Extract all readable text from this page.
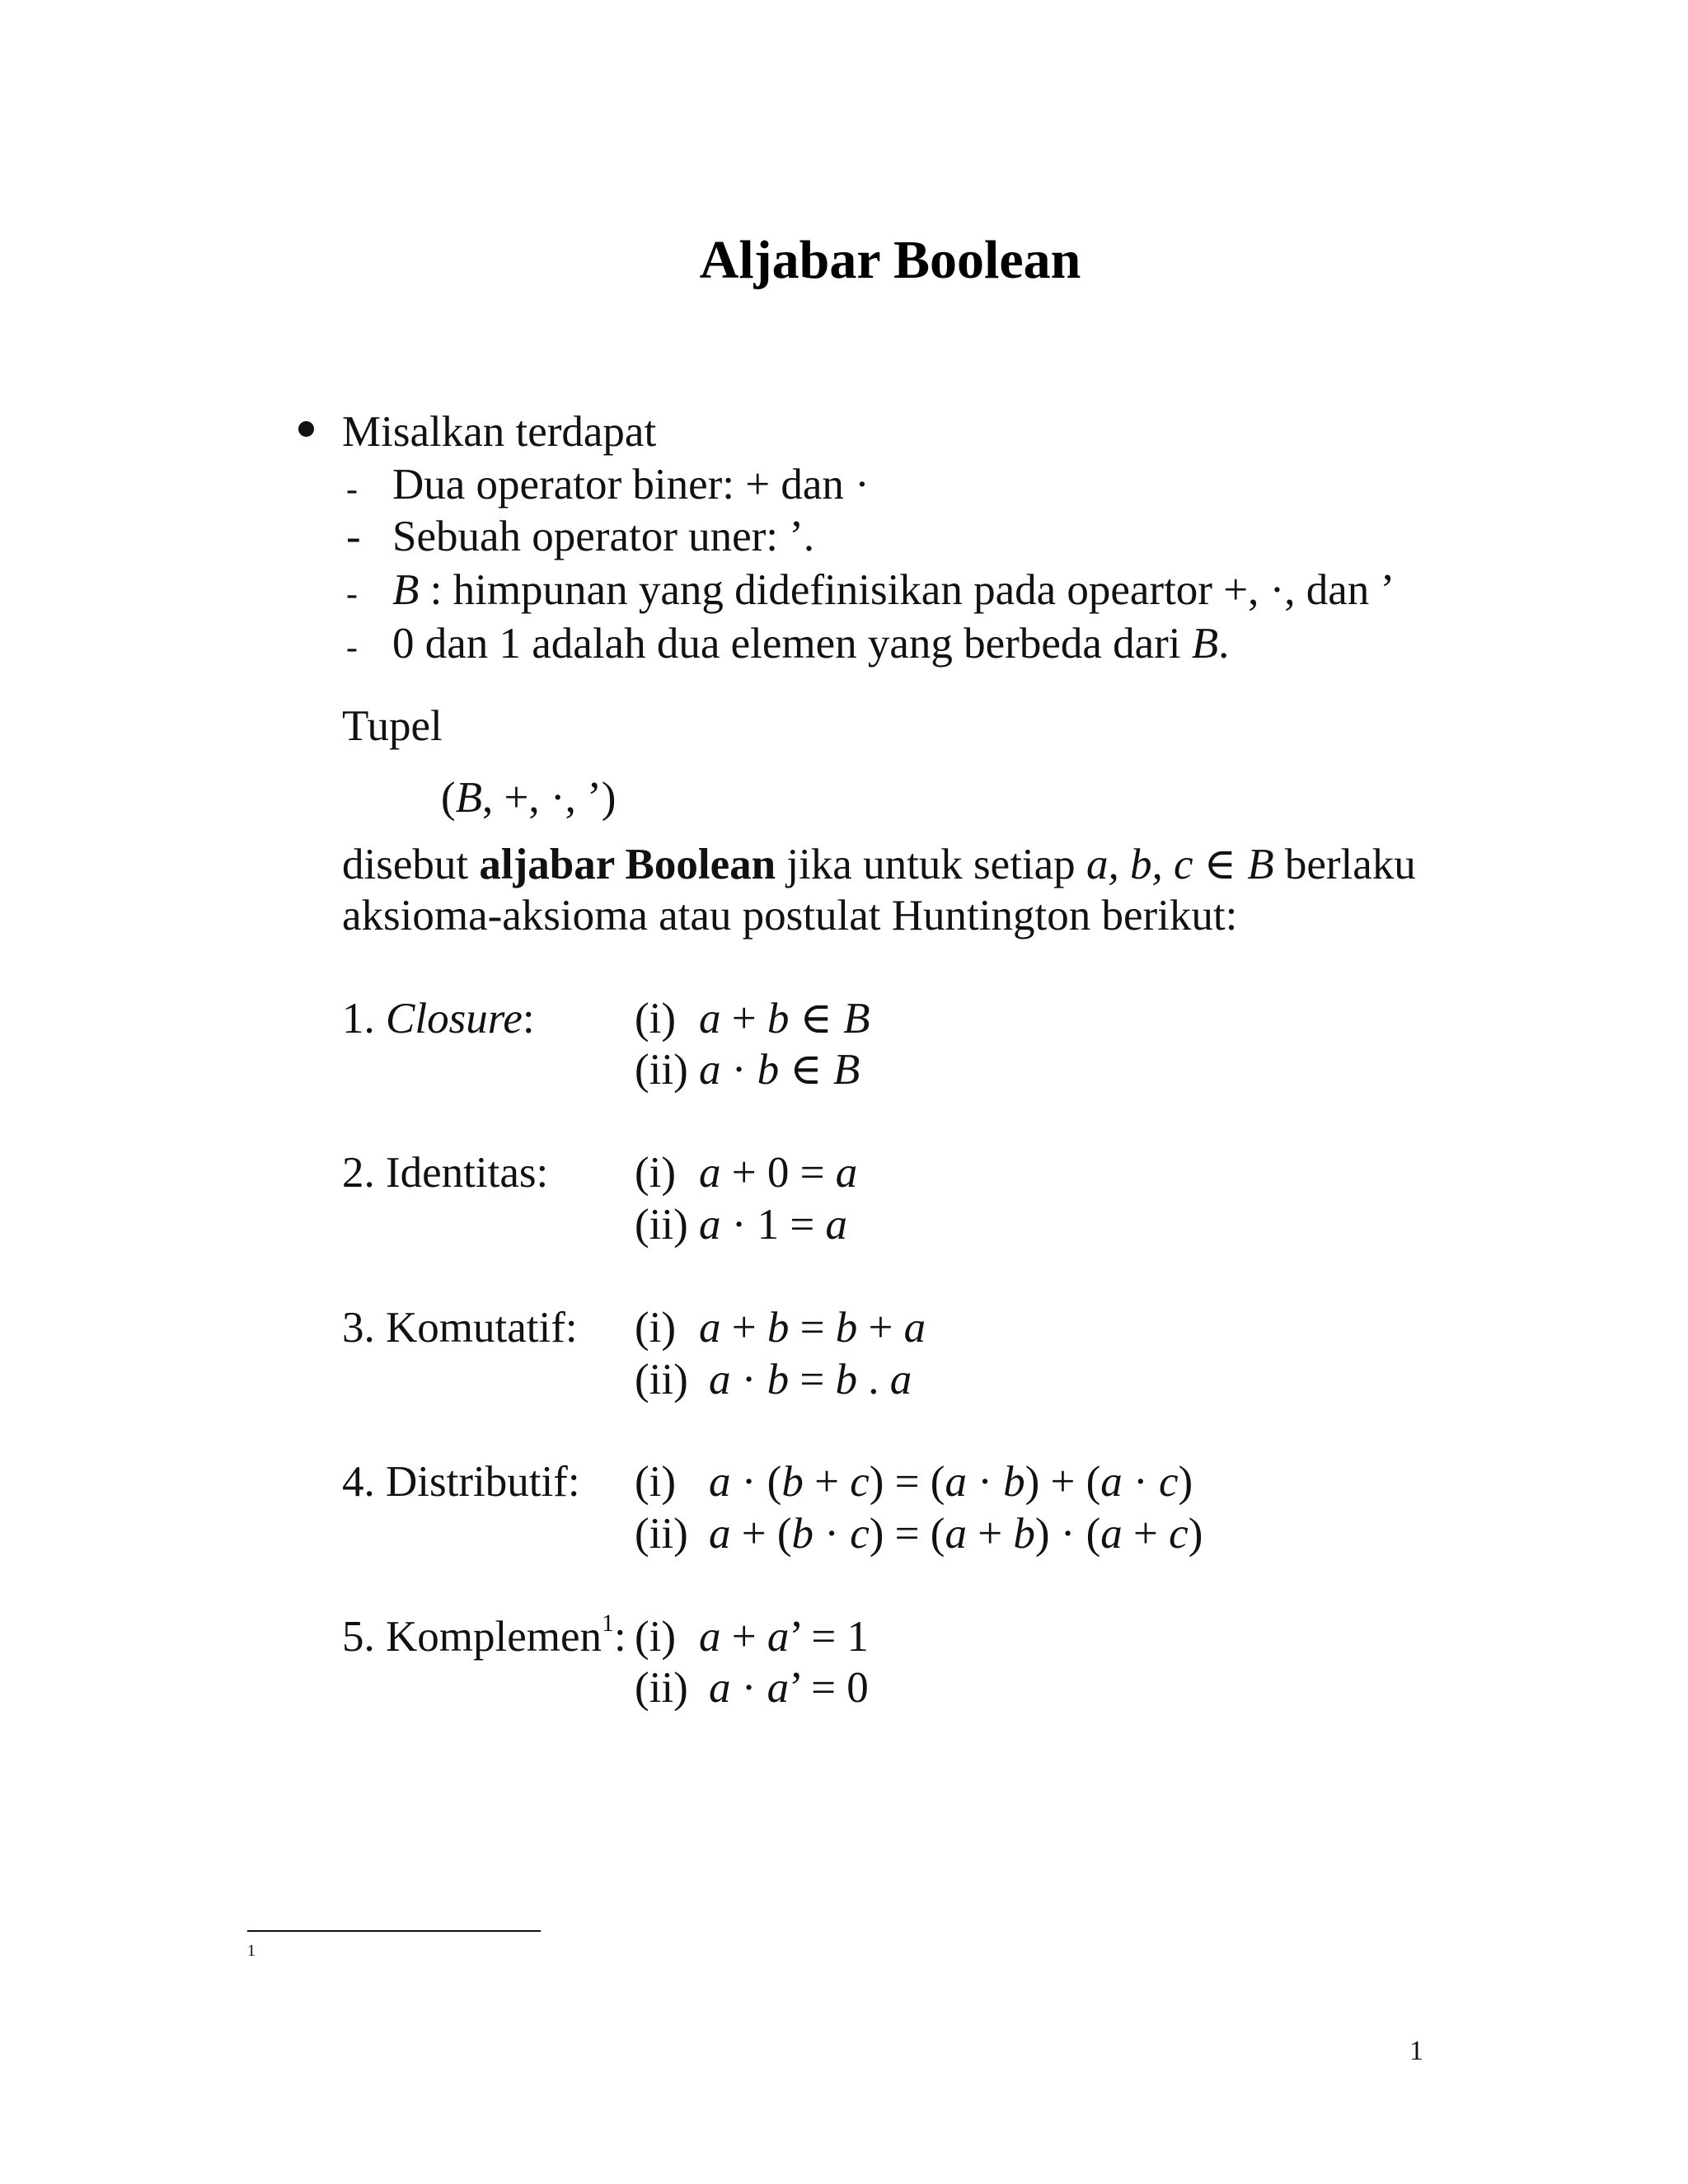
Aljabar Boolean
Misalkan terdapat
- Dua operator biner: + dan ·
- Sebuah operator uner: ’.
- B : himpunan yang didefinisikan pada opeartor +, ·, dan ’
- 0 dan 1 adalah dua elemen yang berbeda dari B.
Tupel
(B, +, ·, ’)
disebut aljabar Boolean jika untuk setiap a, b, c ∈ B berlaku
aksioma-aksioma atau postulat Huntington berikut:
1. Closure: (i) a + b ∈ B
(ii) a · b ∈ B
2. Identitas: (i) a + 0 = a
(ii) a · 1 = a
3. Komutatif: (i) a + b = b + a
(ii) a · b = b . a
4. Distributif: (i) a · (b + c) = (a · b) + (a · c)
(ii) a + (b · c) = (a + b) · (a + c)
5. Komplemen$^1$: (i) a + a’ = 1
(ii) a · a’ = 0
1
1
